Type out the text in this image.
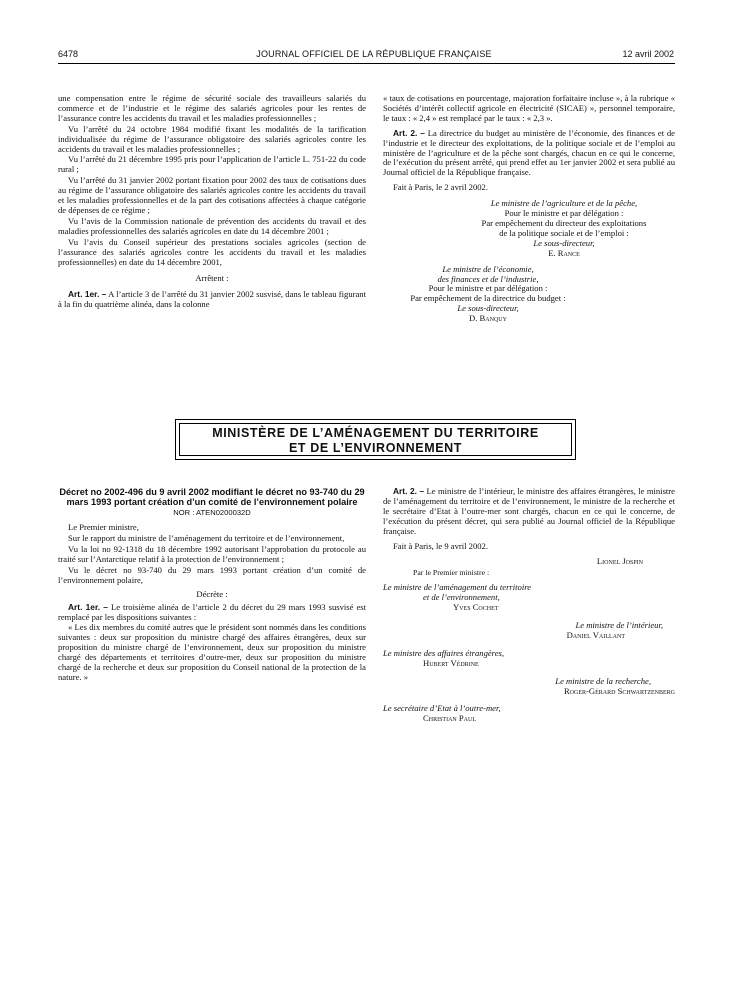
6478	JOURNAL OFFICIEL DE LA RÉPUBLIQUE FRANÇAISE	12 avril 2002

une compensation entre le régime de sécurité sociale des travailleurs salariés du commerce et de l’industrie et le régime des salariés agricoles pour les rentes de l’assurance contre les accidents du travail et les maladies professionnelles ;

Vu l’arrêté du 24 octobre 1984 modifié fixant les modalités de la tarification individualisée du régime de l’assurance obligatoire des salariés agricoles contre les accidents du travail et les maladies professionnelles ;

Vu l’arrêté du 21 décembre 1995 pris pour l’application de l’article L. 751-22 du code rural ;

Vu l’arrêté du 31 janvier 2002 portant fixation pour 2002 des taux de cotisations dues au régime de l’assurance obligatoire des salariés agricoles contre les accidents du travail et les maladies professionnelles et de la part des cotisations affectées à chaque catégorie de dépenses de ce régime ;

Vu l’avis de la Commission nationale de prévention des accidents du travail et des maladies professionnelles des salariés agricoles en date du 14 décembre 2001 ;

Vu l’avis du Conseil supérieur des prestations sociales agricoles (section de l’assurance des salariés agricoles contre les accidents du travail et les maladies professionnelles) en date du 14 décembre 2001,

Arrêtent :

Art. 1er. – A l’article 3 de l’arrêté du 31 janvier 2002 susvisé, dans le tableau figurant à la fin du quatrième alinéa, dans la colonne

« taux de cotisations en pourcentage, majoration forfaitaire incluse », à la rubrique « Sociétés d’intérêt collectif agricole en électricité (SICAE) », personnel temporaire, le taux : « 2,4 » est remplacé par le taux : « 2,3 ».

Art. 2. – La directrice du budget au ministère de l’économie, des finances et de l’industrie et le directeur des exploitations, de la politique sociale et de l’emploi au ministère de l’agriculture et de la pêche sont chargés, chacun en ce qui le concerne, de l’exécution du présent arrêté, qui prend effet au 1er janvier 2002 et sera publié au Journal officiel de la République française.

Fait à Paris, le 2 avril 2002.

Le ministre de l’agriculture et de la pêche,
Pour le ministre et par délégation :
Par empêchement du directeur des exploitations
de la politique sociale et de l’emploi :
Le sous-directeur,
E. Rance
Le ministre de l’économie,
des finances et de l’industrie,
Pour le ministre et par délégation :
Par empêchement de la directrice du budget :
Le sous-directeur,
D. Banquy
MINISTÈRE DE L’AMÉNAGEMENT DU TERRITOIRE
ET DE L’ENVIRONNEMENT
Décret no 2002-496 du 9 avril 2002 modifiant le décret no 93-740 du 29 mars 1993 portant création d’un comité de l’environnement polaire
NOR : ATEN0200032D

Le Premier ministre,

Sur le rapport du ministre de l’aménagement du territoire et de l’environnement,

Vu la loi no 92-1318 du 18 décembre 1992 autorisant l’approbation du protocole au traité sur l’Antarctique relatif à la protection de l’environnement ;

Vu le décret no 93-740 du 29 mars 1993 portant création d’un comité de l’environnement polaire,

Décrète :

Art. 1er. – Le troisième alinéa de l’article 2 du décret du 29 mars 1993 susvisé est remplacé par les dispositions suivantes :

« Les dix membres du comité autres que le président sont nommés dans les conditions suivantes : deux sur proposition du ministre chargé des affaires étrangères, deux sur proposition du ministre chargé de l’environnement, deux sur proposition du ministre chargé des départements et territoires d’outre-mer, deux sur proposition du ministre chargé de la recherche et deux sur proposition du Conseil national de la protection de la nature. »

Art. 2. – Le ministre de l’intérieur, le ministre des affaires étrangères, le ministre de l’aménagement du territoire et de l’environnement, le ministre de la recherche et le secrétaire d’Etat à l’outre-mer sont chargés, chacun en ce qui le concerne, de l’exécution du présent décret, qui sera publié au Journal officiel de la République française.

Fait à Paris, le 9 avril 2002.

Lionel Jospin
Par le Premier ministre :
Le ministre de l’aménagement du territoire
et de l’environnement,
Yves Cochet
Le ministre de l’intérieur,
Daniel Vaillant
Le ministre des affaires étrangères,
Hubert Védrine
Le ministre de la recherche,
Roger-Gérard Schwartzenberg
Le secrétaire d’Etat à l’outre-mer,
Christian Paul
